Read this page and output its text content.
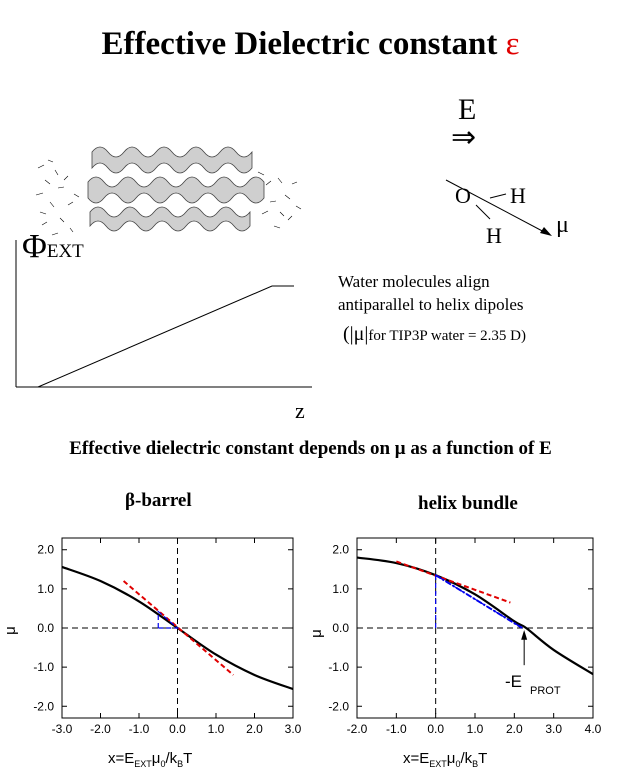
Effective Dielectric constant ε
ΦEXT
z
E
⇒
O H
H μ
Water molecules align
antiparallel to helix dipoles
(|μ|for TIP3P water = 2.35 D)
Effective dielectric constant depends on μ as a function of E
β-barrel	helix bundle
-3.0 -2.0 -1.0 0.0 1.0 2.0 3.0
2.0
1.0
0.0
-1.0
-2.0
-2.0 -1.0 0.0 1.0 2.0 3.0 4.0
2.0
1.0
0.0
-1.0
-2.0
-E $_{PROT}$
$x=E_{EXT}\mu_0/k_BT$	$x=E_{EXT}\mu_0/k_BT$
μ	μ
